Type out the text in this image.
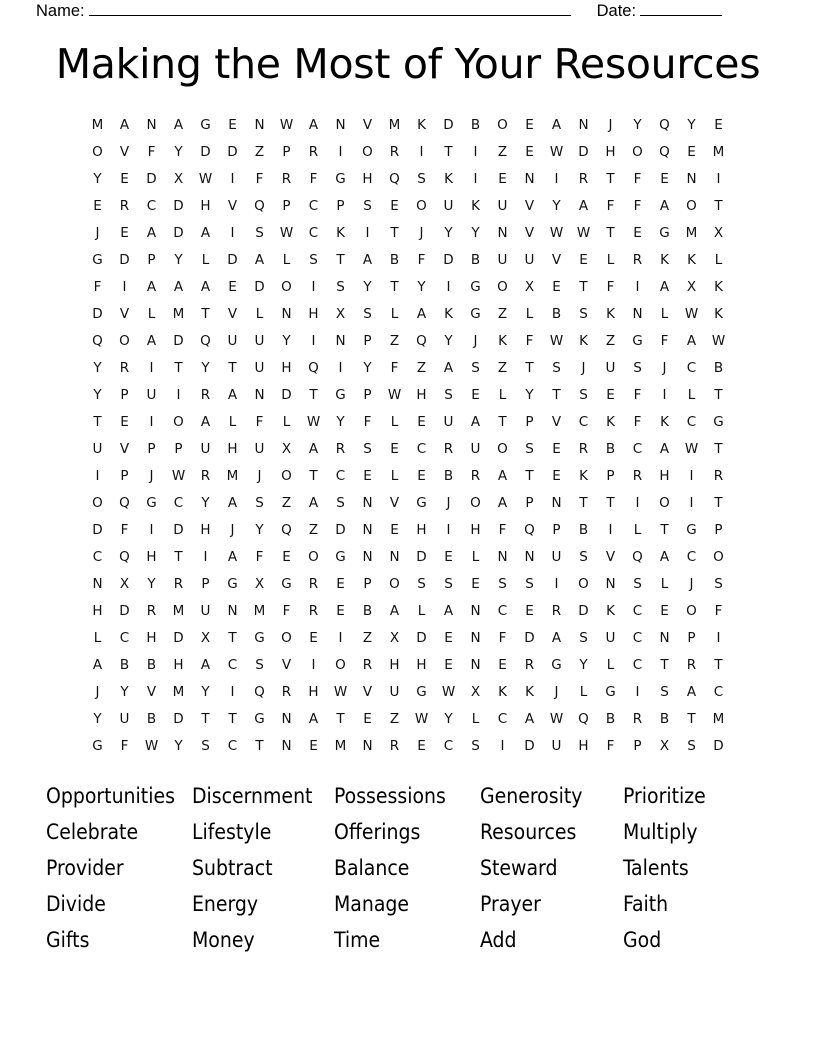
Name:	Date:
Making the Most of Your Resources
M	A	N	A	G	E	N	W	A	N	V	M	K	D	B	O	E	A	N	J	Y	Q	Y	E
O	V	F	Y	D	D	Z	P	R	I	O	R	I	T	I	Z	E	W	D	H	O	Q	E	M
Y	E	D	X	W	I	F	R	F	G	H	Q	S	K	I	E	N	I	R	T	F	E	N	I
E	R	C	D	H	V	Q	P	C	P	S	E	O	U	K	U	V	Y	A	F	F	A	O	T
J	E	A	D	A	I	S	W	C	K	I	T	J	Y	Y	N	V	W	W	T	E	G	M	X
G	D	P	Y	L	D	A	L	S	T	A	B	F	D	B	U	U	V	E	L	R	K	K	L
F	I	A	A	A	E	D	O	I	S	Y	T	Y	I	G	O	X	E	T	F	I	A	X	K
D	V	L	M	T	V	L	N	H	X	S	L	A	K	G	Z	L	B	S	K	N	L	W	K
Q	O	A	D	Q	U	U	Y	I	N	P	Z	Q	Y	J	K	F	W	K	Z	G	F	A	W
Y	R	I	T	Y	T	U	H	Q	I	Y	F	Z	A	S	Z	T	S	J	U	S	J	C	B
Y	P	U	I	R	A	N	D	T	G	P	W	H	S	E	L	Y	T	S	E	F	I	L	T
T	E	I	O	A	L	F	L	W	Y	F	L	E	U	A	T	P	V	C	K	F	K	C	G
U	V	P	P	U	H	U	X	A	R	S	E	C	R	U	O	S	E	R	B	C	A	W	T
I	P	J	W	R	M	J	O	T	C	E	L	E	B	R	A	T	E	K	P	R	H	I	R
O	Q	G	C	Y	A	S	Z	A	S	N	V	G	J	O	A	P	N	T	T	I	O	I	T
D	F	I	D	H	J	Y	Q	Z	D	N	E	H	I	H	F	Q	P	B	I	L	T	G	P
C	Q	H	T	I	A	F	E	O	G	N	N	D	E	L	N	N	U	S	V	Q	A	C	O
N	X	Y	R	P	G	X	G	R	E	P	O	S	S	E	S	S	I	O	N	S	L	J	S
H	D	R	M	U	N	M	F	R	E	B	A	L	A	N	C	E	R	D	K	C	E	O	F
L	C	H	D	X	T	G	O	E	I	Z	X	D	E	N	F	D	A	S	U	C	N	P	I
A	B	B	H	A	C	S	V	I	O	R	H	H	E	N	E	R	G	Y	L	C	T	R	T
J	Y	V	M	Y	I	Q	R	H	W	V	U	G	W	X	K	K	J	L	G	I	S	A	C
Y	U	B	D	T	T	G	N	A	T	E	Z	W	Y	L	C	A	W	Q	B	R	B	T	M
G	F	W	Y	S	C	T	N	E	M	N	R	E	C	S	I	D	U	H	F	P	X	S	D
Opportunities Discernment	Possessions	Generosity	Prioritize
Celebrate	Lifestyle	Offerings	Resources	Multiply
Provider	Subtract	Balance	Steward	Talents
Divide	Energy	Manage	Prayer	Faith
Gifts	Money	Time	Add	God
